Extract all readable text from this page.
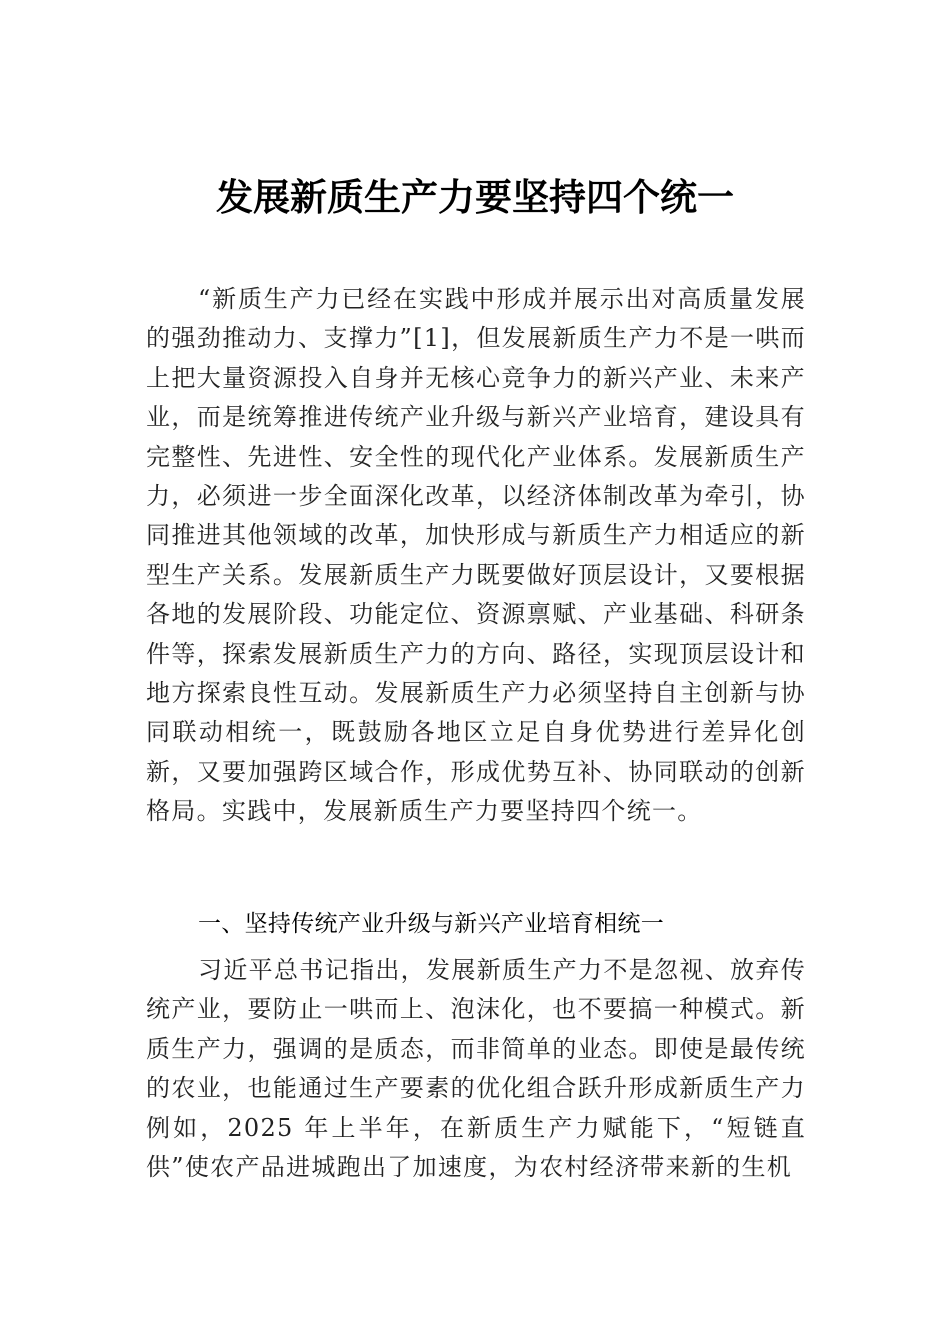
发展新质生产力要坚持四个统一

“新质生产力已经在实践中形成并展示出对高质量发展的强劲推动力、支撑力”[1]，但发展新质生产力不是一哄而上把大量资源投入自身并无核心竞争力的新兴产业、未来产业，而是统筹推进传统产业升级与新兴产业培育，建设具有完整性、先进性、安全性的现代化产业体系。发展新质生产力，必须进一步全面深化改革，以经济体制改革为牵引，协同推进其他领域的改革，加快形成与新质生产力相适应的新型生产关系。发展新质生产力既要做好顶层设计，又要根据各地的发展阶段、功能定位、资源禀赋、产业基础、科研条件等，探索发展新质生产力的方向、路径，实现顶层设计和地方探索良性互动。发展新质生产力必须坚持自主创新与协同联动相统一，既鼓励各地区立足自身优势进行差异化创新，又要加强跨区域合作，形成优势互补、协同联动的创新格局。实践中，发展新质生产力要坚持四个统一。

一、坚持传统产业升级与新兴产业培育相统一

习近平总书记指出，发展新质生产力不是忽视、放弃传统产业，要防止一哄而上、泡沫化，也不要搞一种模式。新质生产力，强调的是质态，而非简单的业态。即使是最传统的农业，也能通过生产要素的优化组合跃升形成新质生产力例如，2025 年上半年，在新质生产力赋能下，“短链直供”使农产品进城跑出了加速度，为农村经济带来新的生机
